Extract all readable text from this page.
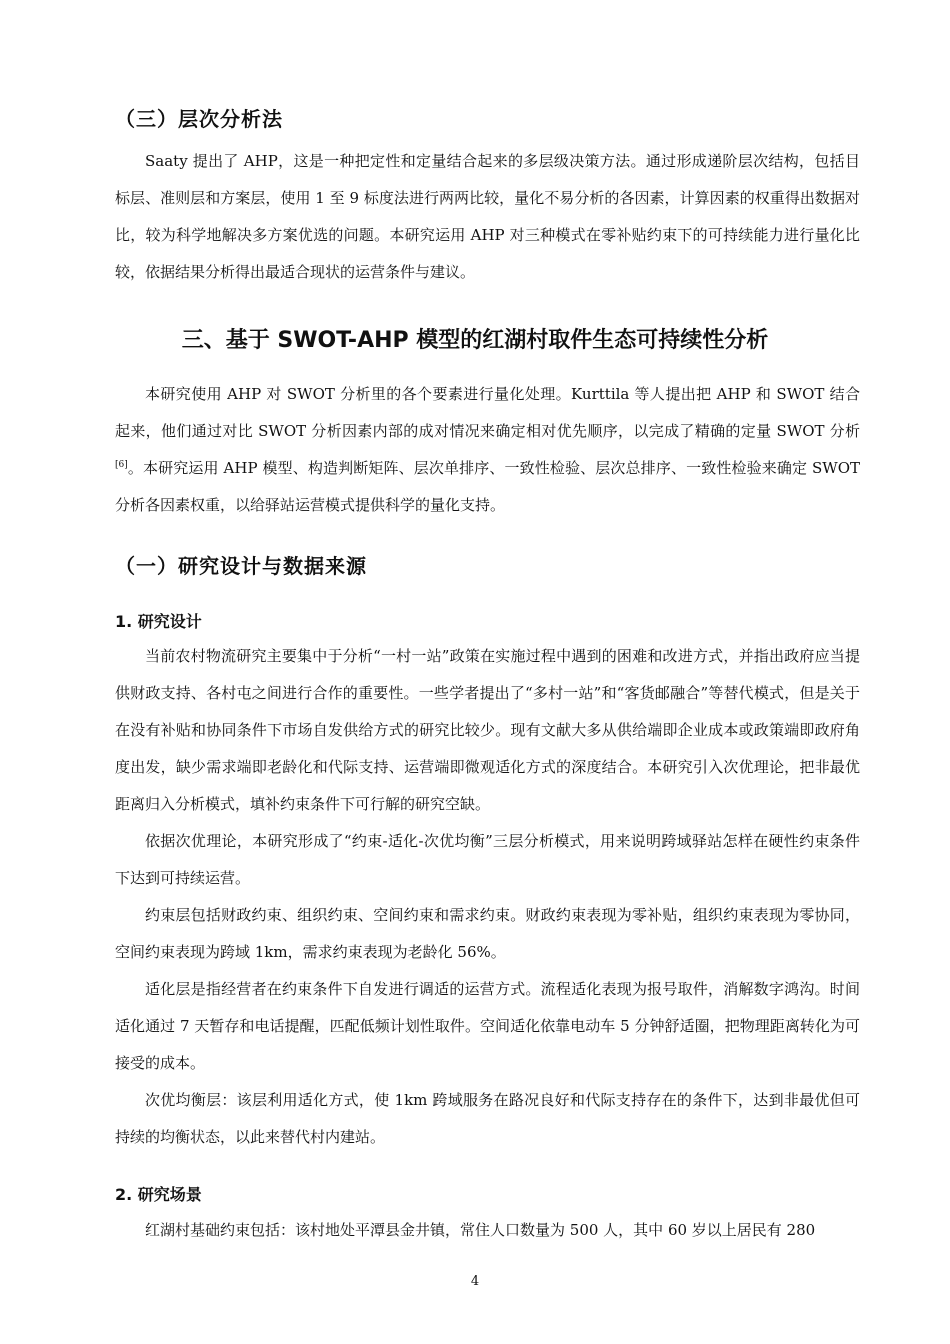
（三）层次分析法

Saaty 提出了 AHP，这是一种把定性和定量结合起来的多层级决策方法。通过形成递阶层次结构，包括目标层、准则层和方案层，使用 1 至 9 标度法进行两两比较，量化不易分析的各因素，计算因素的权重得出数据对比，较为科学地解决多方案优选的问题。本研究运用 AHP 对三种模式在零补贴约束下的可持续能力进行量化比较，依据结果分析得出最适合现状的运营条件与建议。

三、基于 SWOT-AHP 模型的红湖村取件生态可持续性分析

本研究使用 AHP 对 SWOT 分析里的各个要素进行量化处理。Kurttila 等人提出把 AHP 和 SWOT 结合起来，他们通过对比 SWOT 分析因素内部的成对情况来确定相对优先顺序，以完成了精确的定量 SWOT 分析[6]。本研究运用 AHP 模型、构造判断矩阵、层次单排序、一致性检验、层次总排序、一致性检验来确定 SWOT 分析各因素权重，以给驿站运营模式提供科学的量化支持。

（一）研究设计与数据来源
1. 研究设计

当前农村物流研究主要集中于分析“一村一站”政策在实施过程中遇到的困难和改进方式，并指出政府应当提供财政支持、各村屯之间进行合作的重要性。一些学者提出了“多村一站”和“客货邮融合”等替代模式，但是关于在没有补贴和协同条件下市场自发供给方式的研究比较少。现有文献大多从供给端即企业成本或政策端即政府角度出发，缺少需求端即老龄化和代际支持、运营端即微观适化方式的深度结合。本研究引入次优理论，把非最优距离归入分析模式，填补约束条件下可行解的研究空缺。

依据次优理论，本研究形成了“约束-适化-次优均衡”三层分析模式，用来说明跨域驿站怎样在硬性约束条件下达到可持续运营。

约束层包括财政约束、组织约束、空间约束和需求约束。财政约束表现为零补贴，组织约束表现为零协同，空间约束表现为跨域 1km，需求约束表现为老龄化 56%。

适化层是指经营者在约束条件下自发进行调适的运营方式。流程适化表现为报号取件，消解数字鸿沟。时间适化通过 7 天暂存和电话提醒，匹配低频计划性取件。空间适化依靠电动车 5 分钟舒适圈，把物理距离转化为可接受的成本。

次优均衡层：该层利用适化方式，使 1km 跨域服务在路况良好和代际支持存在的条件下，达到非最优但可持续的均衡状态，以此来替代村内建站。

2. 研究场景

红湖村基础约束包括：该村地处平潭县金井镇，常住人口数量为 500 人，其中 60 岁以上居民有 280

4
